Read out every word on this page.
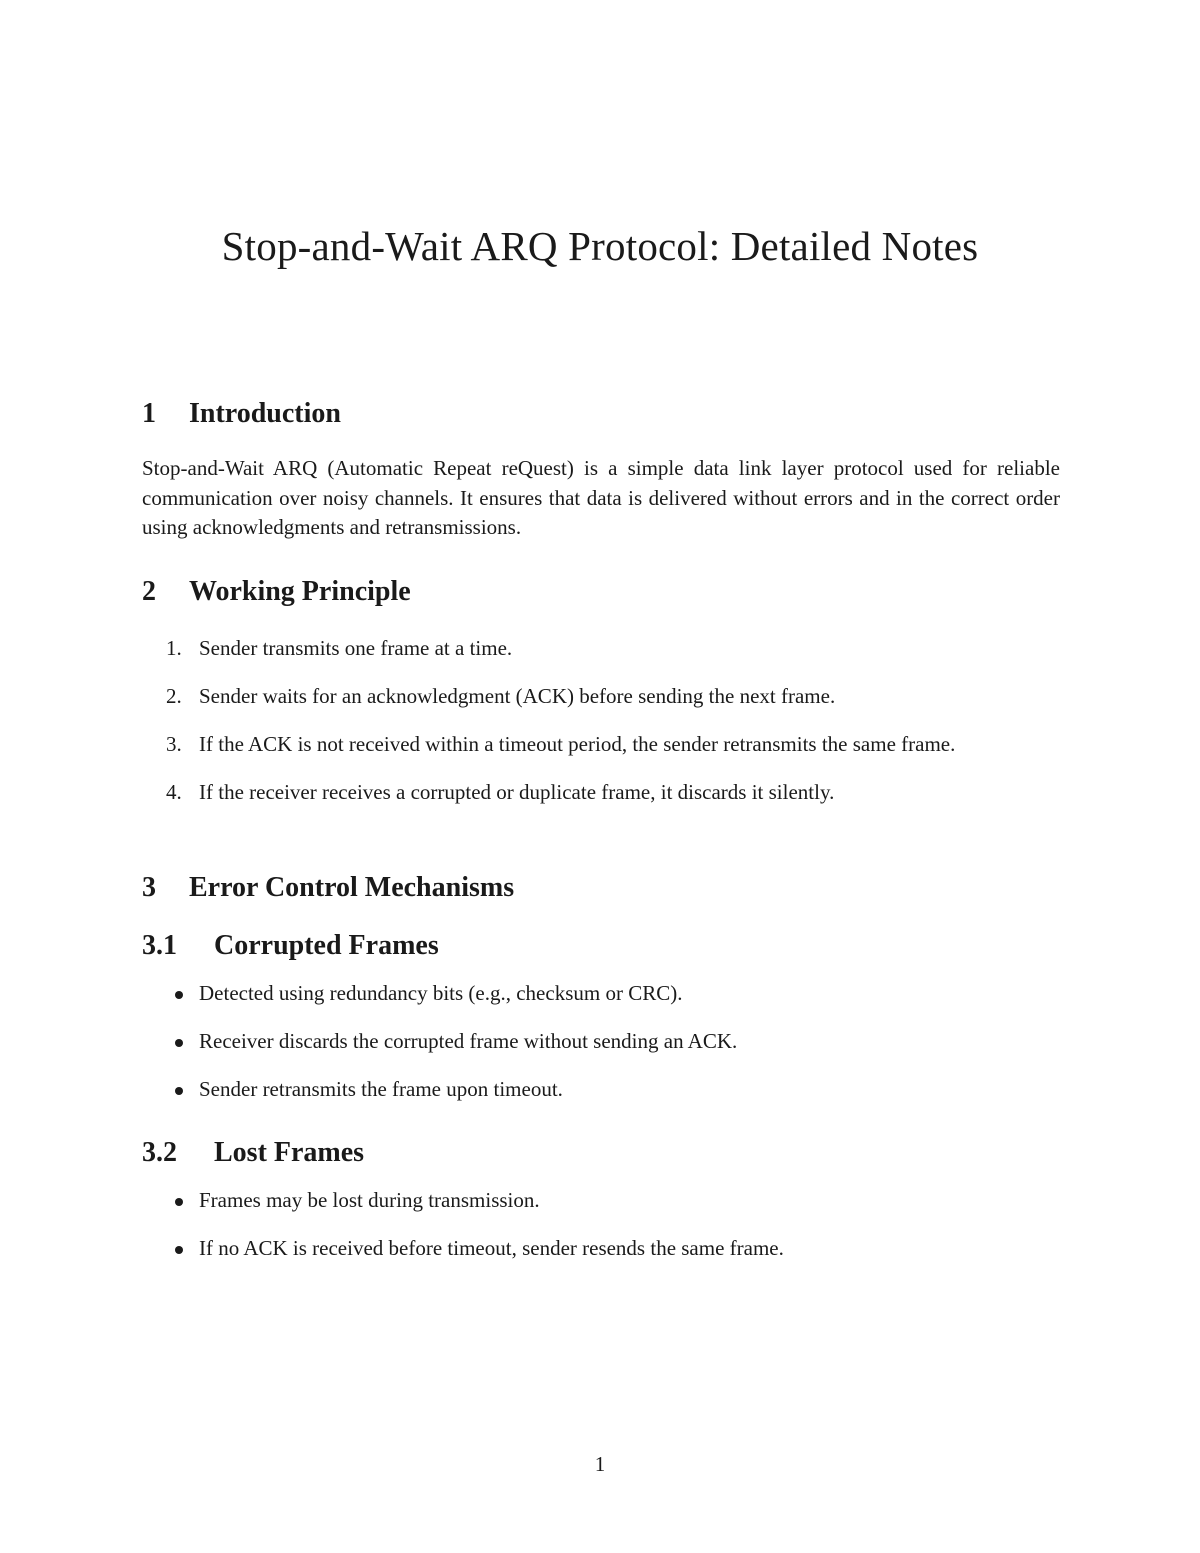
Stop-and-Wait ARQ Protocol: Detailed Notes
1 Introduction

Stop-and-Wait ARQ (Automatic Repeat reQuest) is a simple data link layer protocol used for reliable communication over noisy channels. It ensures that data is delivered without errors and in the correct order using acknowledgments and retransmissions.

2 Working Principle
1. Sender transmits one frame at a time.
2. Sender waits for an acknowledgment (ACK) before sending the next frame.
3. If the ACK is not received within a timeout period, the sender retransmits the same frame.
4. If the receiver receives a corrupted or duplicate frame, it discards it silently.
3 Error Control Mechanisms
3.1 Corrupted Frames
Detected using redundancy bits (e.g., checksum or CRC).
Receiver discards the corrupted frame without sending an ACK.
Sender retransmits the frame upon timeout.
3.2 Lost Frames
Frames may be lost during transmission.
If no ACK is received before timeout, sender resends the same frame.
1
